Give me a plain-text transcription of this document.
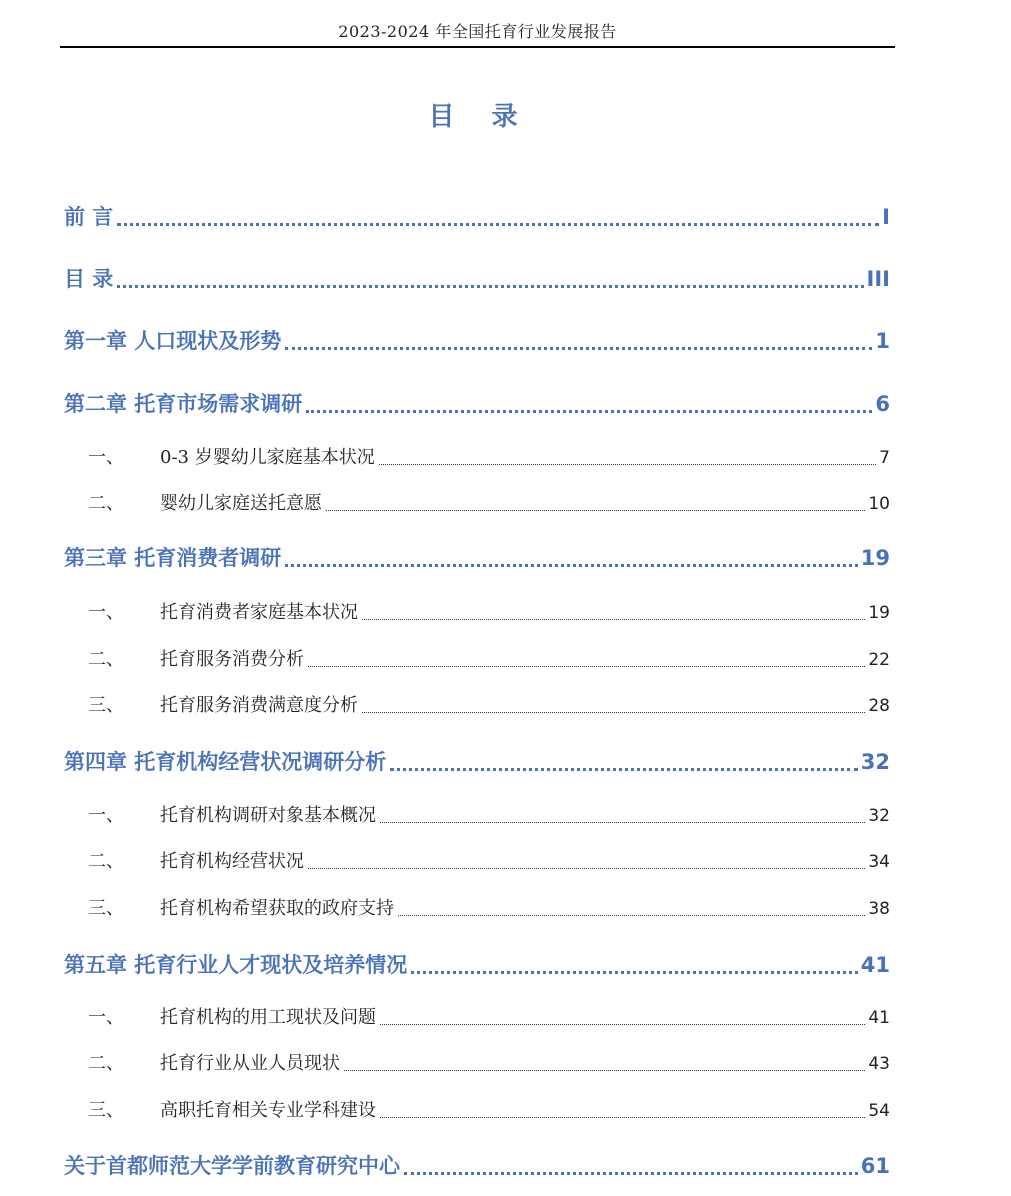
2023-2024 年全国托育行业发展报告
目 录
前 言	I
目 录	III
第一章 人口现状及形势	1
第二章 托育市场需求调研	6
一、	0-3 岁婴幼儿家庭基本状况	7
二、	婴幼儿家庭送托意愿	10
第三章 托育消费者调研	19
一、	托育消费者家庭基本状况	19
二、	托育服务消费分析	22
三、	托育服务消费满意度分析	28
第四章 托育机构经营状况调研分析	32
一、	托育机构调研对象基本概况	32
二、	托育机构经营状况	34
三、	托育机构希望获取的政府支持	38
第五章 托育行业人才现状及培养情况	41
一、	托育机构的用工现状及问题	41
二、	托育行业从业人员现状	43
三、	高职托育相关专业学科建设	54
关于首都师范大学学前教育研究中心	61
